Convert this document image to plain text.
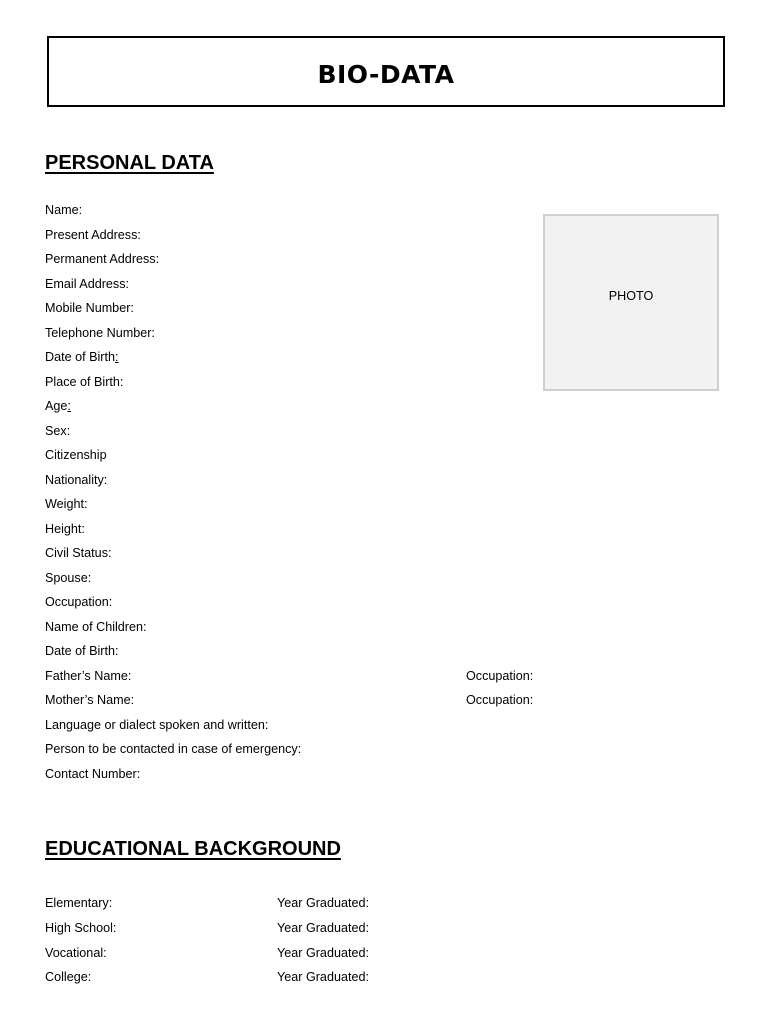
BIO-DATA
PERSONAL DATA
PHOTO
Name:
Present Address:
Permanent Address:
Email Address:
Mobile Number:
Telephone Number:
Date of Birth:
Place of Birth:
Age:
Sex:
Citizenship
Nationality:
Weight:
Height:
Civil Status:
Spouse:
Occupation:
Name of Children:
Date of Birth:
Father’s Name:	Occupation:
Mother’s Name:	Occupation:
Language or dialect spoken and written:
Person to be contacted in case of emergency:
Contact Number:
EDUCATIONAL BACKGROUND
Elementary:	Year Graduated:
High School:	Year Graduated:
Vocational:	Year Graduated:
College:	Year Graduated:
